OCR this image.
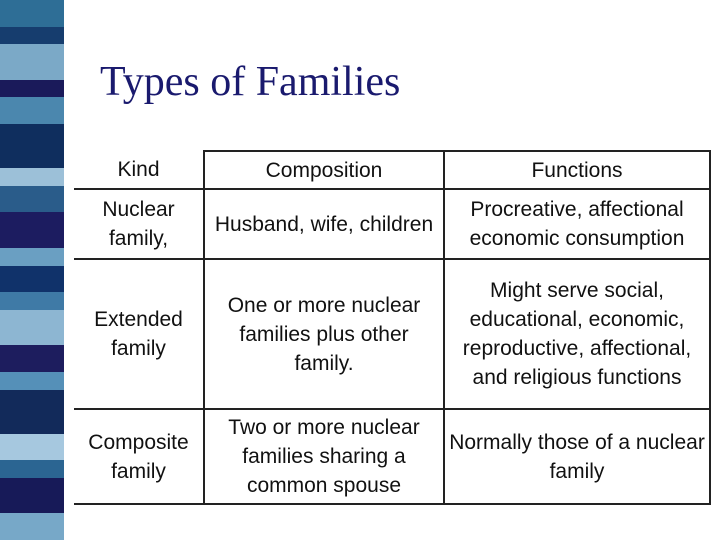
Types of Families
Kind	Composition	Functions
Nuclear family,	Husband, wife, children	Procreative, affectional economic consumption
Extended family	One or more nuclear families plus other family.	Might serve social, educational, economic, reproductive, affectional, and religious functions
Composite family	Two or more nuclear families sharing a common spouse	Normally those of a nuclear family
